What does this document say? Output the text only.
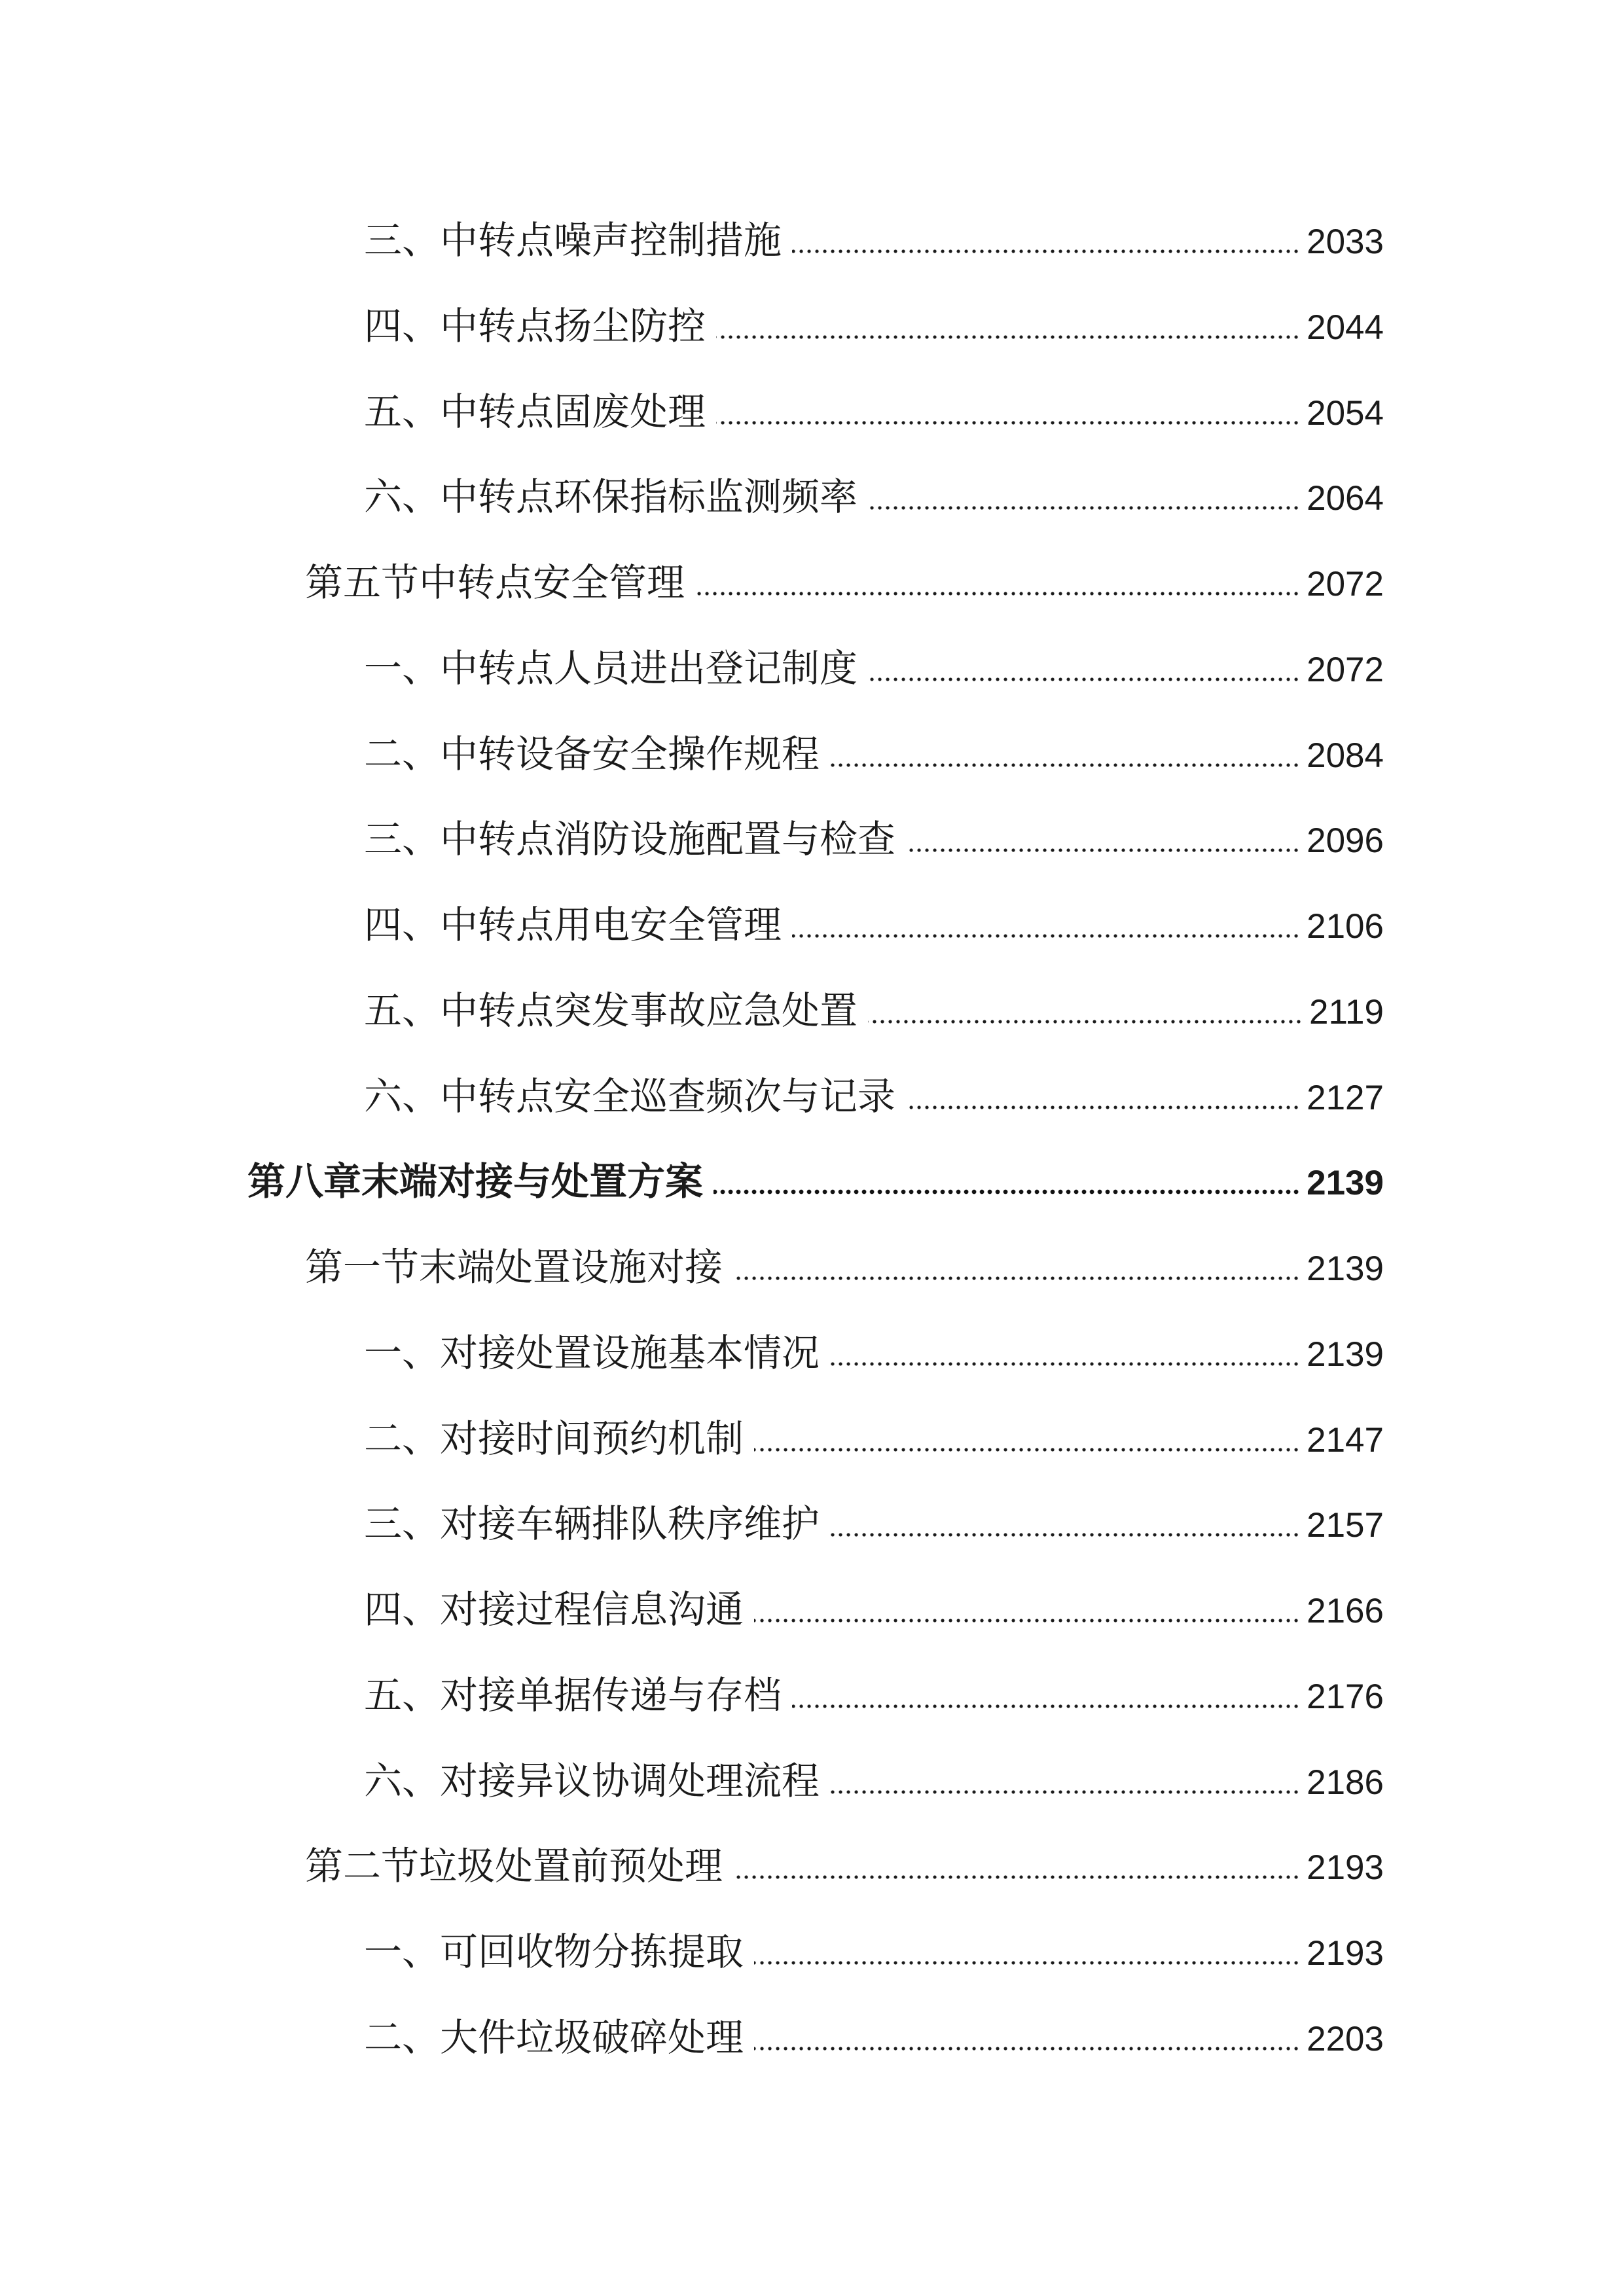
三、中转点噪声控制措施	2033
四、中转点扬尘防控	2044
五、中转点固废处理	2054
六、中转点环保指标监测频率	2064
第五节中转点安全管理	2072
一、中转点人员进出登记制度	2072
二、中转设备安全操作规程	2084
三、中转点消防设施配置与检查	2096
四、中转点用电安全管理	2106
五、中转点突发事故应急处置	2119
六、中转点安全巡查频次与记录	2127
第八章末端对接与处置方案	2139
第一节末端处置设施对接	2139
一、对接处置设施基本情况	2139
二、对接时间预约机制	2147
三、对接车辆排队秩序维护	2157
四、对接过程信息沟通	2166
五、对接单据传递与存档	2176
六、对接异议协调处理流程	2186
第二节垃圾处置前预处理	2193
一、可回收物分拣提取	2193
二、大件垃圾破碎处理	2203
